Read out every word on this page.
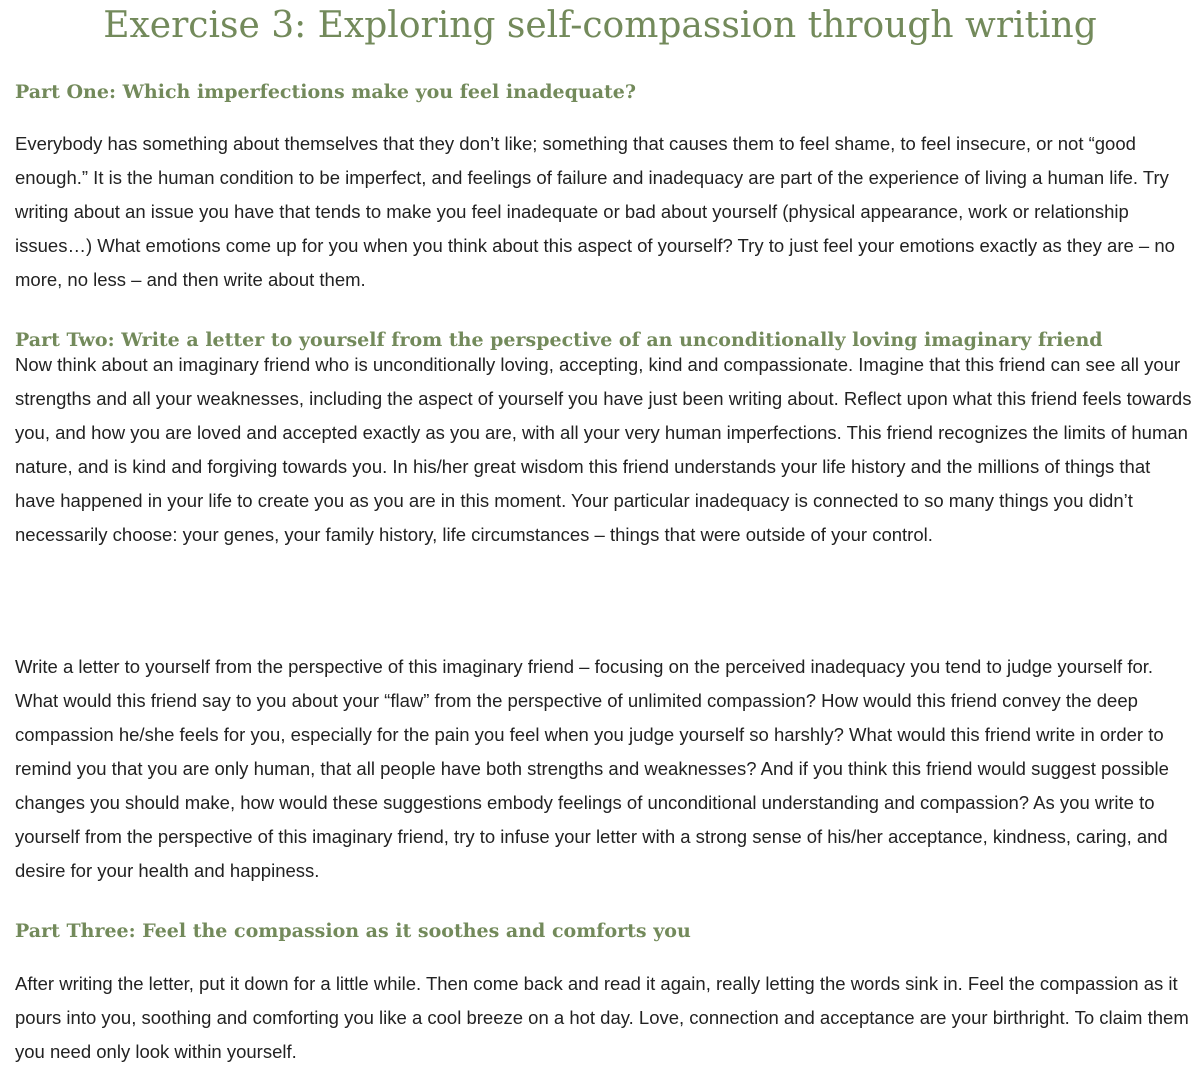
Exercise 3: Exploring self-compassion through writing
Part One: Which imperfections make you feel inadequate?

Everybody has something about themselves that they don’t like; something that causes them to feel shame, to feel insecure, or not “good enough.” It is the human condition to be imperfect, and feelings of failure and inadequacy are part of the experience of living a human life. Try writing about an issue you have that tends to make you feel inadequate or bad about yourself (physical appearance, work or relationship issues…) What emotions come up for you when you think about this aspect of yourself? Try to just feel your emotions exactly as they are – no more, no less – and then write about them.

Part Two: Write a letter to yourself from the perspective of an unconditionally loving imaginary friend

Now think about an imaginary friend who is unconditionally loving, accepting, kind and compassionate. Imagine that this friend can see all your strengths and all your weaknesses, including the aspect of yourself you have just been writing about. Reflect upon what this friend feels towards you, and how you are loved and accepted exactly as you are, with all your very human imperfections. This friend recognizes the limits of human nature, and is kind and forgiving towards you. In his/her great wisdom this friend understands your life history and the millions of things that have happened in your life to create you as you are in this moment. Your particular inadequacy is connected to so many things you didn’t necessarily choose: your genes, your family history, life circumstances – things that were outside of your control.

Write a letter to yourself from the perspective of this imaginary friend – focusing on the perceived inadequacy you tend to judge yourself for. What would this friend say to you about your “flaw” from the perspective of unlimited compassion? How would this friend convey the deep compassion he/she feels for you, especially for the pain you feel when you judge yourself so harshly? What would this friend write in order to remind you that you are only human, that all people have both strengths and weaknesses? And if you think this friend would suggest possible changes you should make, how would these suggestions embody feelings of unconditional understanding and compassion? As you write to yourself from the perspective of this imaginary friend, try to infuse your letter with a strong sense of his/her acceptance, kindness, caring, and desire for your health and happiness.

Part Three: Feel the compassion as it soothes and comforts you

After writing the letter, put it down for a little while. Then come back and read it again, really letting the words sink in. Feel the compassion as it pours into you, soothing and comforting you like a cool breeze on a hot day. Love, connection and acceptance are your birthright. To claim them you need only look within yourself.
